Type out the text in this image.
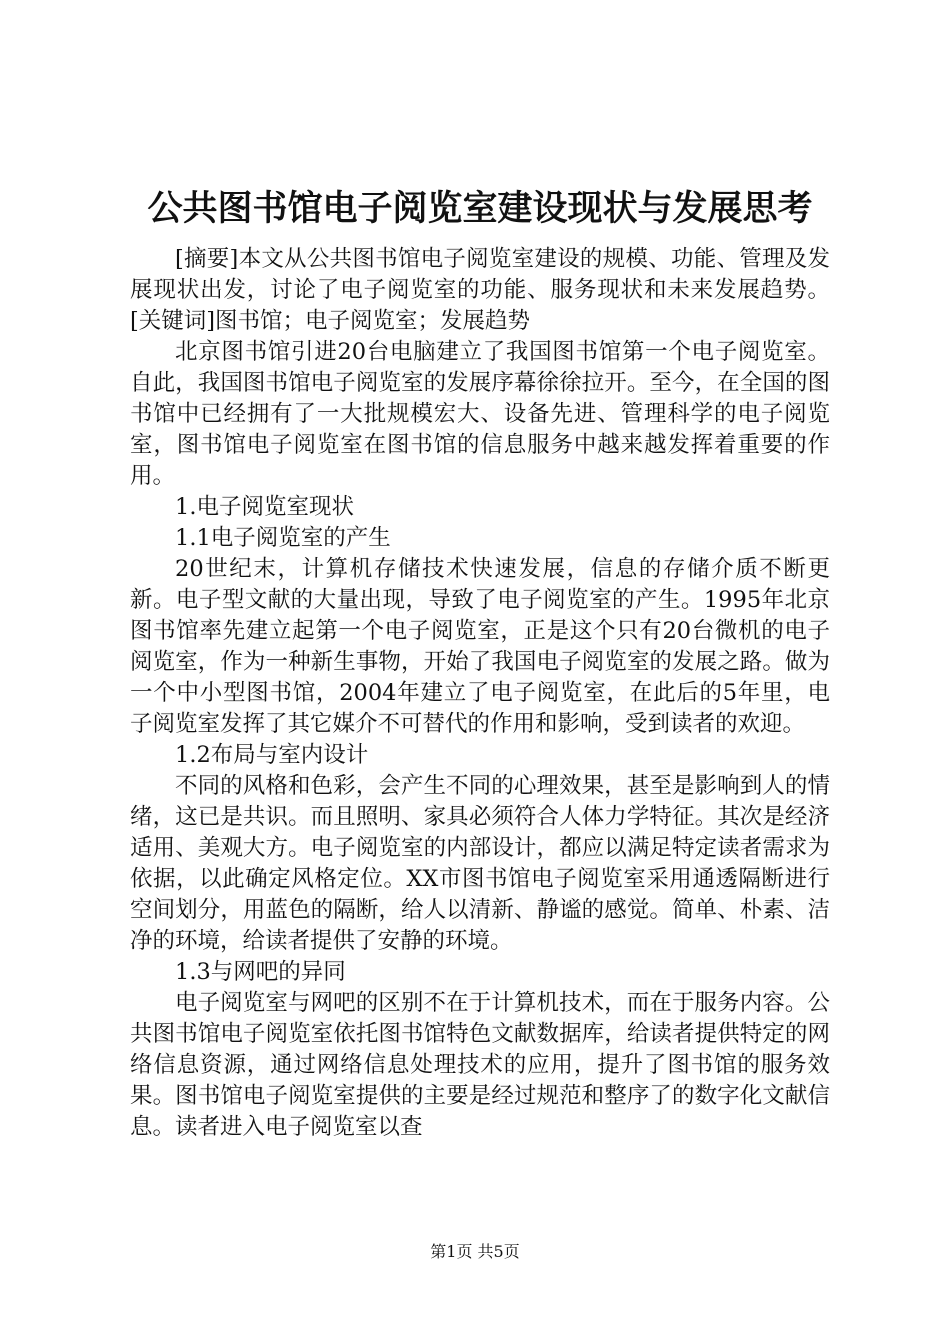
公共图书馆电子阅览室建设现状与发展思考

[摘要]本文从公共图书馆电子阅览室建设的规模、功能、管理及发展现状出发，讨论了电子阅览室的功能、服务现状和未来发展趋势。[关键词]图书馆；电子阅览室；发展趋势

北京图书馆引进20台电脑建立了我国图书馆第一个电子阅览室。自此，我国图书馆电子阅览室的发展序幕徐徐拉开。至今，在全国的图书馆中已经拥有了一大批规模宏大、设备先进、管理科学的电子阅览室，图书馆电子阅览室在图书馆的信息服务中越来越发挥着重要的作用。

1.电子阅览室现状

1.1电子阅览室的产生

20世纪末，计算机存储技术快速发展，信息的存储介质不断更新。电子型文献的大量出现，导致了电子阅览室的产生。1995年北京图书馆率先建立起第一个电子阅览室，正是这个只有20台微机的电子阅览室，作为一种新生事物，开始了我国电子阅览室的发展之路。做为一个中小型图书馆，2004年建立了电子阅览室，在此后的5年里，电子阅览室发挥了其它媒介不可替代的作用和影响，受到读者的欢迎。

1.2布局与室内设计

不同的风格和色彩，会产生不同的心理效果，甚至是影响到人的情绪，这已是共识。而且照明、家具必须符合人体力学特征。其次是经济适用、美观大方。电子阅览室的内部设计，都应以满足特定读者需求为依据，以此确定风格定位。XX市图书馆电子阅览室采用通透隔断进行空间划分，用蓝色的隔断，给人以清新、静谧的感觉。简单、朴素、洁净的环境，给读者提供了安静的环境。

1.3与网吧的异同

电子阅览室与网吧的区别不在于计算机技术，而在于服务内容。公共图书馆电子阅览室依托图书馆特色文献数据库，给读者提供特定的网络信息资源，通过网络信息处理技术的应用，提升了图书馆的服务效果。图书馆电子阅览室提供的主要是经过规范和整序了的数字化文献信息。读者进入电子阅览室以查

第1页 共5页
